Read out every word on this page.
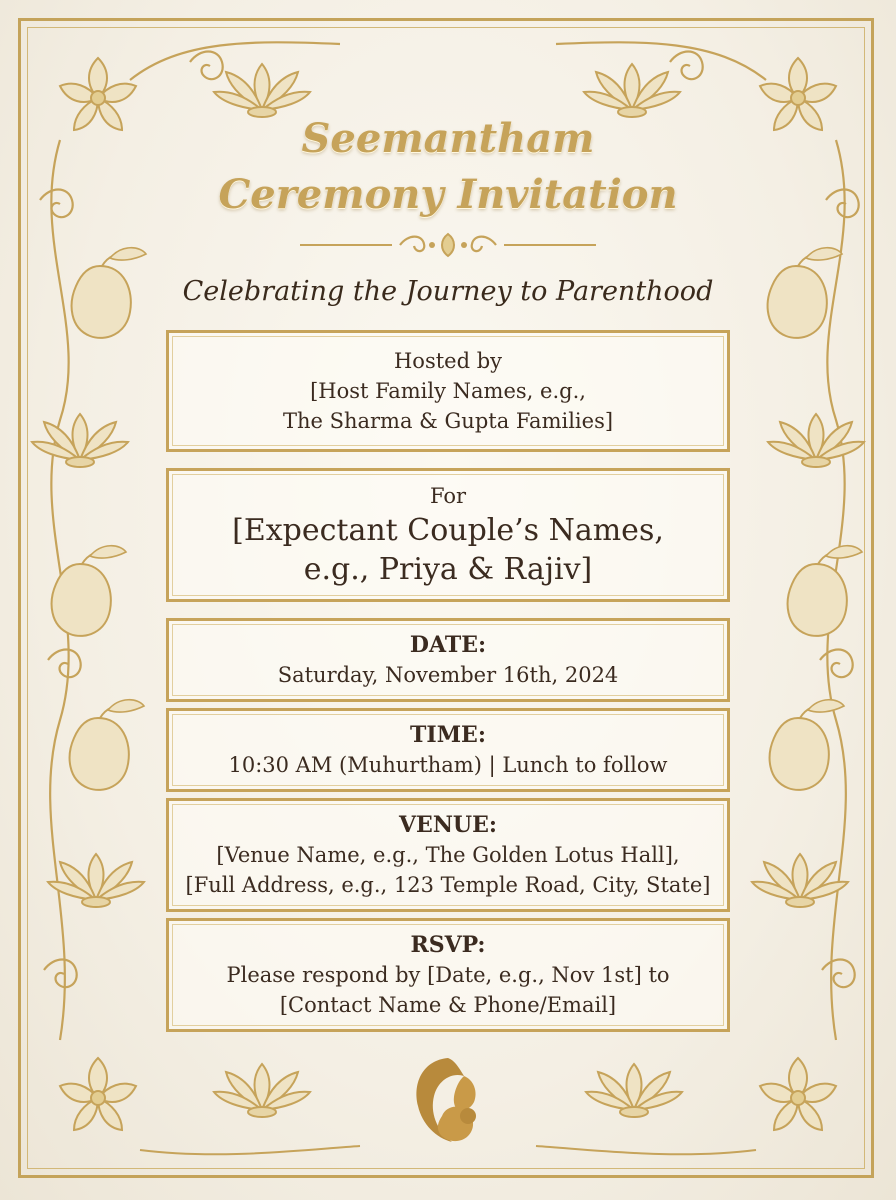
Seemantham
Ceremony Invitation
Celebrating the Journey to Parenthood
Hosted by
[Host Family Names, e.g.,
The Sharma & Gupta Families]
For
[Expectant Couple’s Names,
e.g., Priya & Rajiv]
DATE:
Saturday, November 16th, 2024
TIME:
10:30 AM (Muhurtham) | Lunch to follow
VENUE:
[Venue Name, e.g., The Golden Lotus Hall],
[Full Address, e.g., 123 Temple Road, City, State]
RSVP:
Please respond by [Date, e.g., Nov 1st] to
[Contact Name & Phone/Email]
